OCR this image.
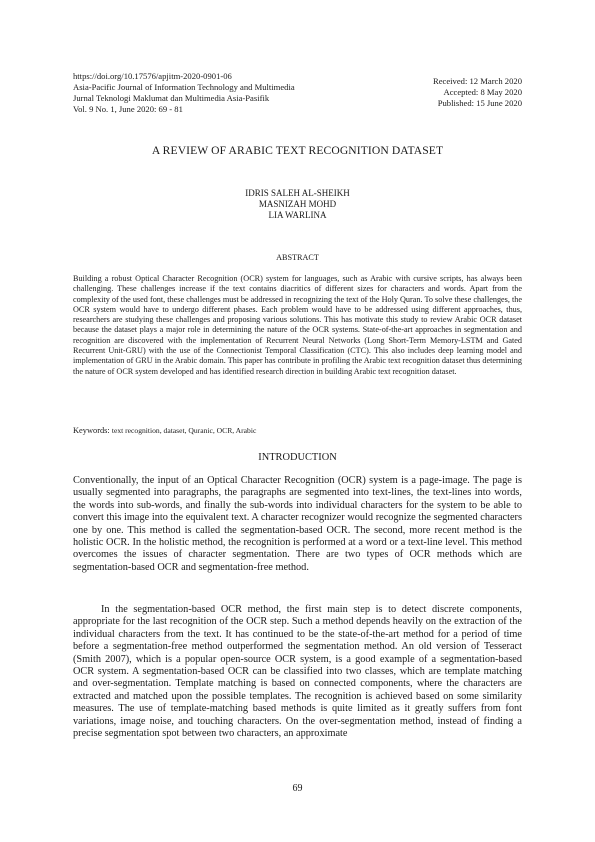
https://doi.org/10.17576/apjitm-2020-0901-06
Asia-Pacific Journal of Information Technology and Multimedia
Jurnal Teknologi Maklumat dan Multimedia Asia-Pasifik
Vol. 9 No. 1, June 2020: 69 - 81
Received: 12 March 2020
Accepted: 8 May 2020
Published: 15 June 2020
A REVIEW OF ARABIC TEXT RECOGNITION DATASET
IDRIS SALEH AL-SHEIKH
MASNIZAH MOHD
LIA WARLINA
ABSTRACT

Building a robust Optical Character Recognition (OCR) system for languages, such as Arabic with cursive scripts, has always been challenging. These challenges increase if the text contains diacritics of different sizes for characters and words. Apart from the complexity of the used font, these challenges must be addressed in recognizing the text of the Holy Quran. To solve these challenges, the OCR system would have to undergo different phases. Each problem would have to be addressed using different approaches, thus, researchers are studying these challenges and proposing various solutions. This has motivate this study to review Arabic OCR dataset because the dataset plays a major role in determining the nature of the OCR systems. State-of-the-art approaches in segmentation and recognition are discovered with the implementation of Recurrent Neural Networks (Long Short-Term Memory-LSTM and Gated Recurrent Unit-GRU) with the use of the Connectionist Temporal Classification (CTC). This also includes deep learning model and implementation of GRU in the Arabic domain. This paper has contribute in profiling the Arabic text recognition dataset thus determining the nature of OCR system developed and has identified research direction in building Arabic text recognition dataset.

Keywords: text recognition, dataset, Quranic, OCR, Arabic
INTRODUCTION

Conventionally, the input of an Optical Character Recognition (OCR) system is a page-image. The page is usually segmented into paragraphs, the paragraphs are segmented into text-lines, the text-lines into words, the words into sub-words, and finally the sub-words into individual characters for the system to be able to convert this image into the equivalent text. A character recognizer would recognize the segmented characters one by one. This method is called the segmentation-based OCR. The second, more recent method is the holistic OCR. In the holistic method, the recognition is performed at a word or a text-line level. This method overcomes the issues of character segmentation. There are two types of OCR methods which are segmentation-based OCR and segmentation-free method.

In the segmentation-based OCR method, the first main step is to detect discrete components, appropriate for the last recognition of the OCR step. Such a method depends heavily on the extraction of the individual characters from the text. It has continued to be the state-of-the-art method for a period of time before a segmentation-free method outperformed the segmentation method. An old version of Tesseract (Smith 2007), which is a popular open-source OCR system, is a good example of a segmentation-based OCR system. A segmentation-based OCR can be classified into two classes, which are template matching and over-segmentation. Template matching is based on connected components, where the characters are extracted and matched upon the possible templates. The recognition is achieved based on some similarity measures. The use of template-matching based methods is quite limited as it greatly suffers from font variations, image noise, and touching characters. On the over-segmentation method, instead of finding a precise segmentation spot between two characters, an approximate

69
